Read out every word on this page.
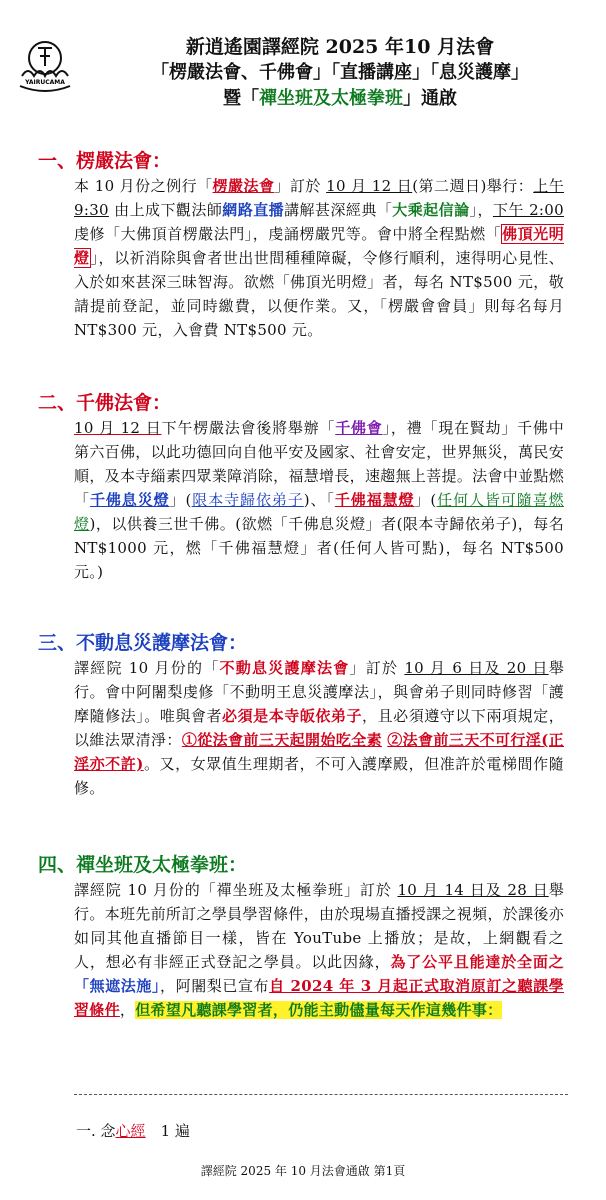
YAIRUCAMA
新逍遙園譯經院 2025 年10 月法會
「楞嚴法會、千佛會」「直播講座」「息災護摩」
暨「禪坐班及太極拳班」通啟
一、楞嚴法會：
本 10 月份之例行「楞嚴法會」訂於 10 月 12 日(第二週日)舉行：上午 9:30 由上成下觀法師網路直播講解甚深經典「大乘起信論」，下午 2:00 虔修「大佛頂首楞嚴法門」，虔誦楞嚴咒等。會中將全程點燃「佛頂光明燈」，以祈消除與會者世出世間種種障礙，令修行順利，速得明心見性、入於如來甚深三昧智海。欲燃「佛頂光明燈」者，每名 NT$500 元，敬請提前登記，並同時繳費，以便作業。又，「楞嚴會會員」則每名每月 NT$300 元，入會費 NT$500 元。
二、千佛法會：
10 月 12 日下午楞嚴法會後將舉辦「千佛會」，禮「現在賢劫」千佛中第六百佛，以此功德回向自他平安及國家、社會安定，世界無災，萬民安順，及本寺緇素四眾業障消除，福慧增長，速趨無上菩提。法會中並點燃「千佛息災燈」(限本寺歸依弟子)、「千佛福慧燈」(任何人皆可隨喜燃燈)，以供養三世千佛。(欲燃「千佛息災燈」者(限本寺歸依弟子)，每名 NT$1000 元，燃「千佛福慧燈」者(任何人皆可點)，每名 NT$500 元。)
三、不動息災護摩法會：
譯經院 10 月份的「不動息災護摩法會」訂於 10 月 6 日及 20 日舉行。會中阿闍梨虔修「不動明王息災護摩法」，與會弟子則同時修習「護摩隨修法」。唯與會者必須是本寺皈依弟子，且必須遵守以下兩項規定，以維法眾清淨：①從法會前三天起開始吃全素 ②法會前三天不可行淫(正淫亦不許)。又，女眾值生理期者，不可入護摩殿，但准許於電梯間作隨修。
四、禪坐班及太極拳班：
譯經院 10 月份的「禪坐班及太極拳班」訂於 10 月 14 日及 28 日舉行。本班先前所訂之學員學習條件，由於現場直播授課之視頻，於課後亦如同其他直播節目一樣，皆在 YouTube 上播放；是故，上網觀看之人，想必有非經正式登記之學員。以此因緣，為了公平且能達於全面之「無遮法施」，阿闍梨已宣布自 2024 年 3 月起正式取消原訂之聽課學習條件，但希望凡聽課學習者，仍能主動儘量每天作這幾件事：
一. 念心經　1 遍
譯經院 2025 年 10 月法會通啟 第1頁
